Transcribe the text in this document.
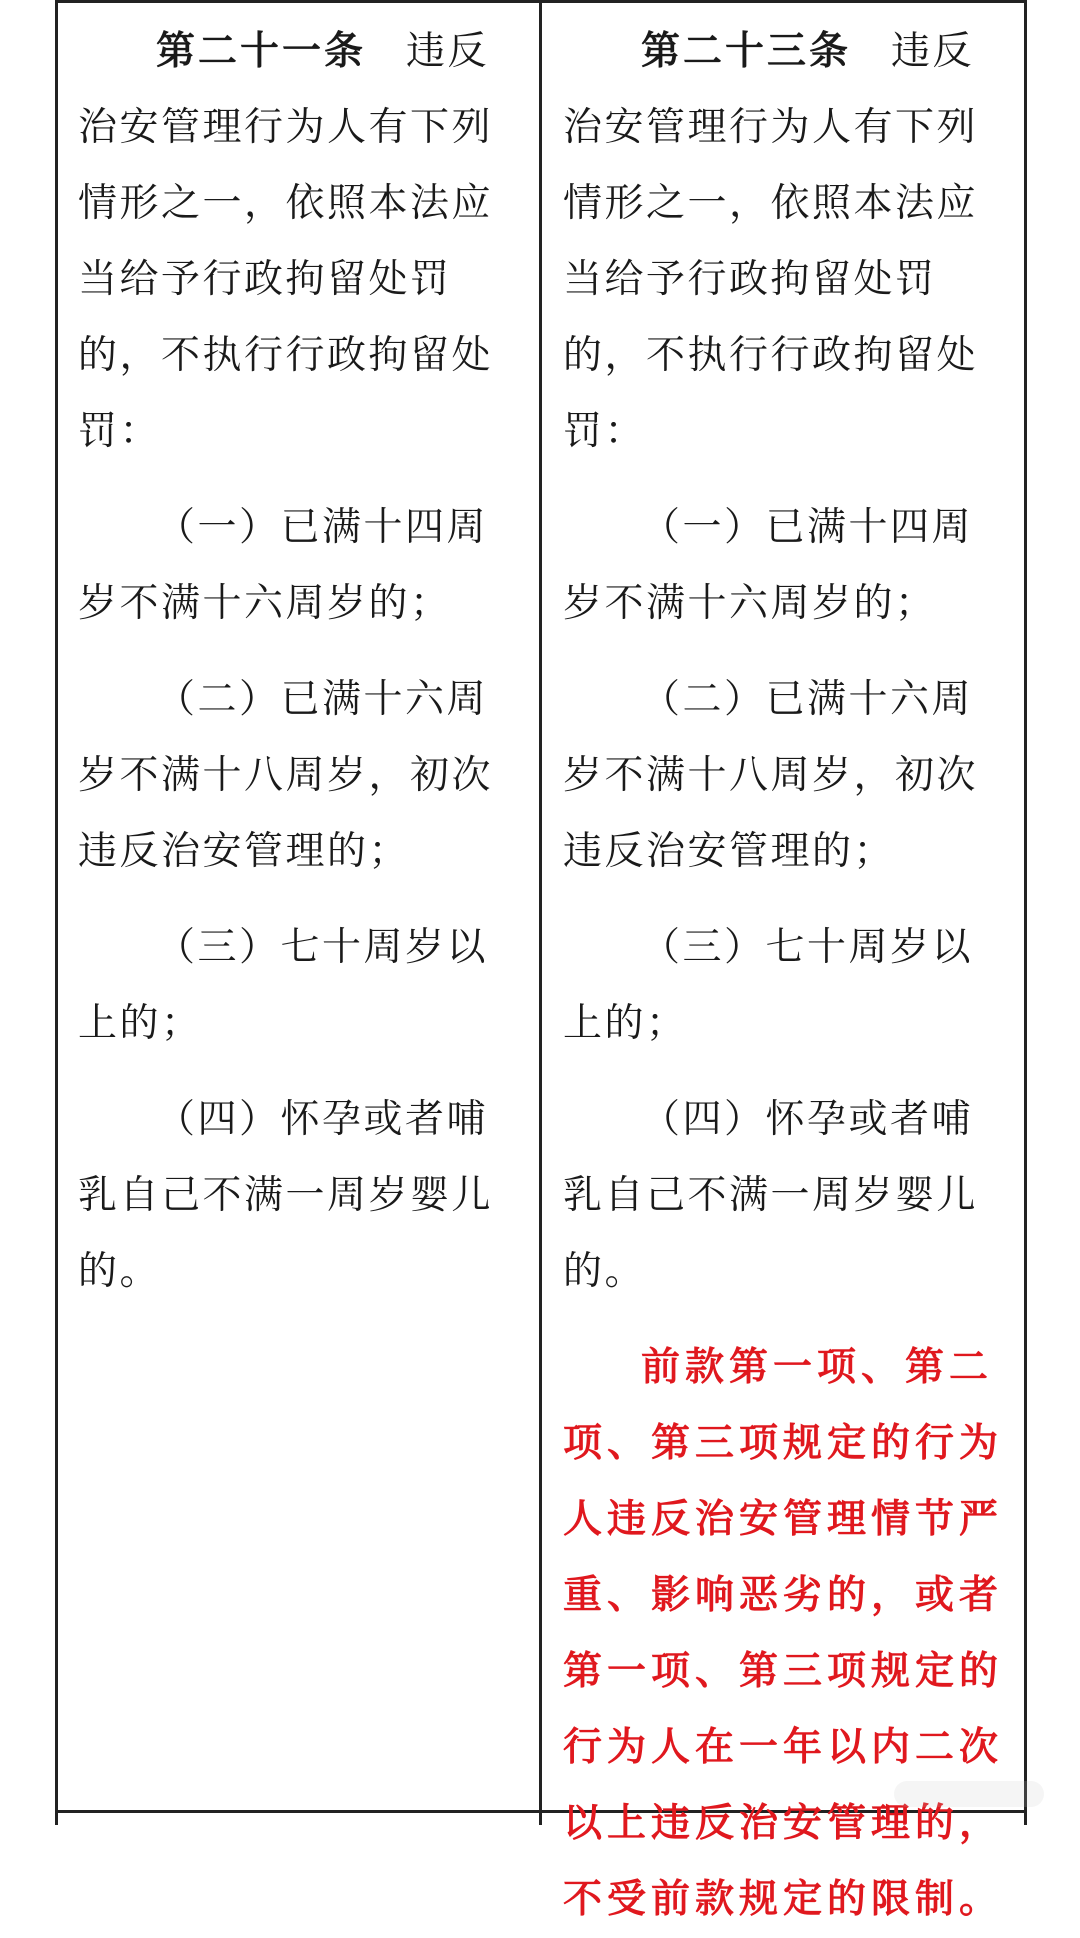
第二十一条 违反治安管理行为人有下列情形之一，依照本法应当给予行政拘留处罚的，不执行行政拘留处罚：

（一）已满十四周岁不满十六周岁的；

（二）已满十六周岁不满十八周岁，初次违反治安管理的；

（三）七十周岁以上的；

（四）怀孕或者哺乳自己不满一周岁婴儿的。

第二十三条 违反治安管理行为人有下列情形之一，依照本法应当给予行政拘留处罚的，不执行行政拘留处罚：

（一）已满十四周岁不满十六周岁的；

（二）已满十六周岁不满十八周岁，初次违反治安管理的；

（三）七十周岁以上的；

（四）怀孕或者哺乳自己不满一周岁婴儿的。

前款第一项、第二项、第三项规定的行为人违反治安管理情节严重、影响恶劣的，或者第一项、第三项规定的行为人在一年以内二次以上违反治安管理的，不受前款规定的限制。
